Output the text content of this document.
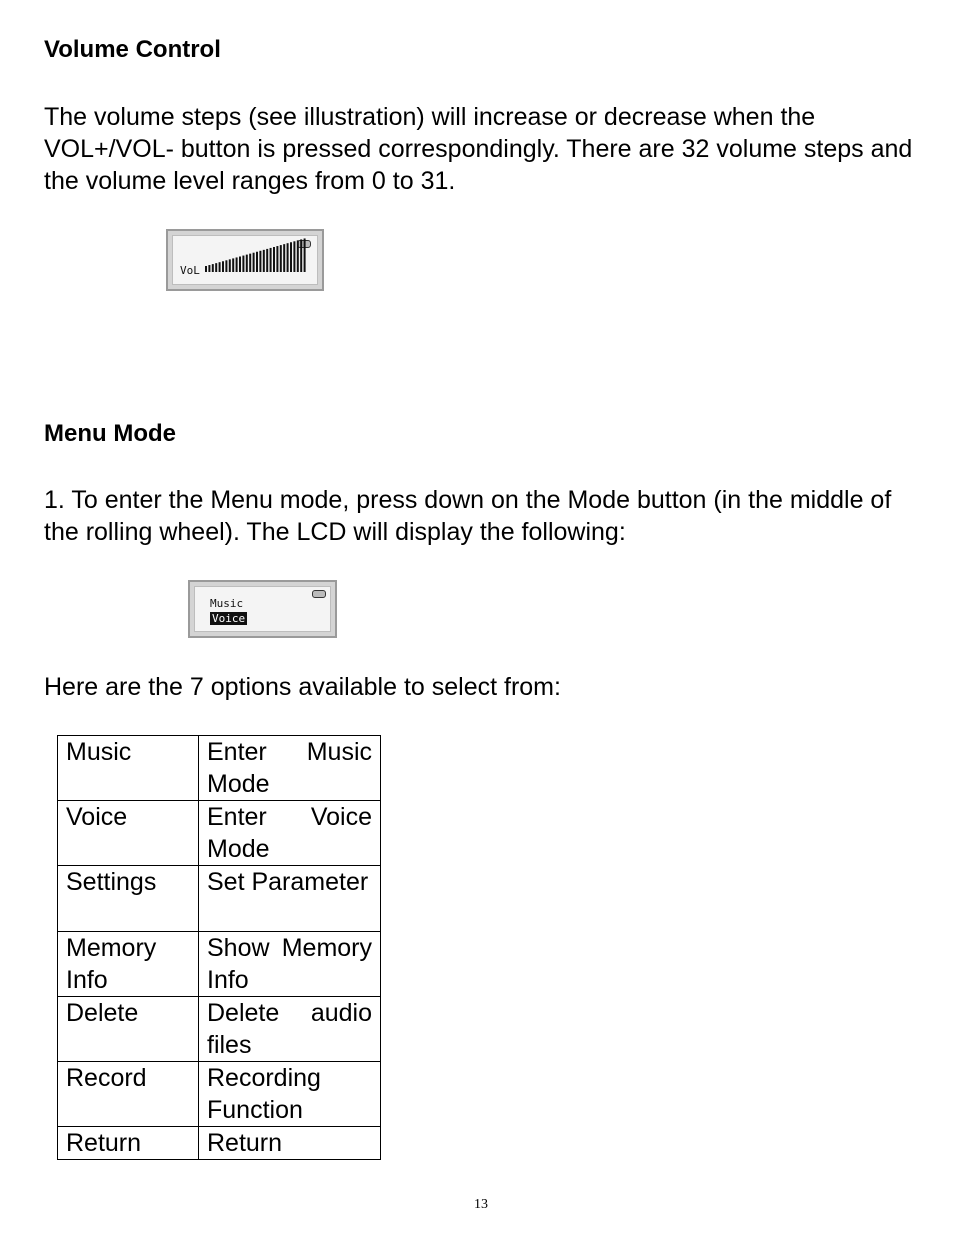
Volume Control

The volume steps (see illustration) will increase or decrease when the VOL+/VOL- button is pressed correspondingly. There are 32 volume steps and the volume level ranges from 0 to 31.

VoL
Menu Mode

1. To enter the Menu mode, press down on the Mode button (in the middle of the rolling wheel). The LCD will display the following:

Music
Voice

Here are the 7 options available to select from:

Music	Enter Music Mode
Voice	Enter Voice Mode
Settings	Set Parameter
Memory Info	Show Memory Info
Delete	Delete audio files
Record	Recording Function
Return	Return
13
